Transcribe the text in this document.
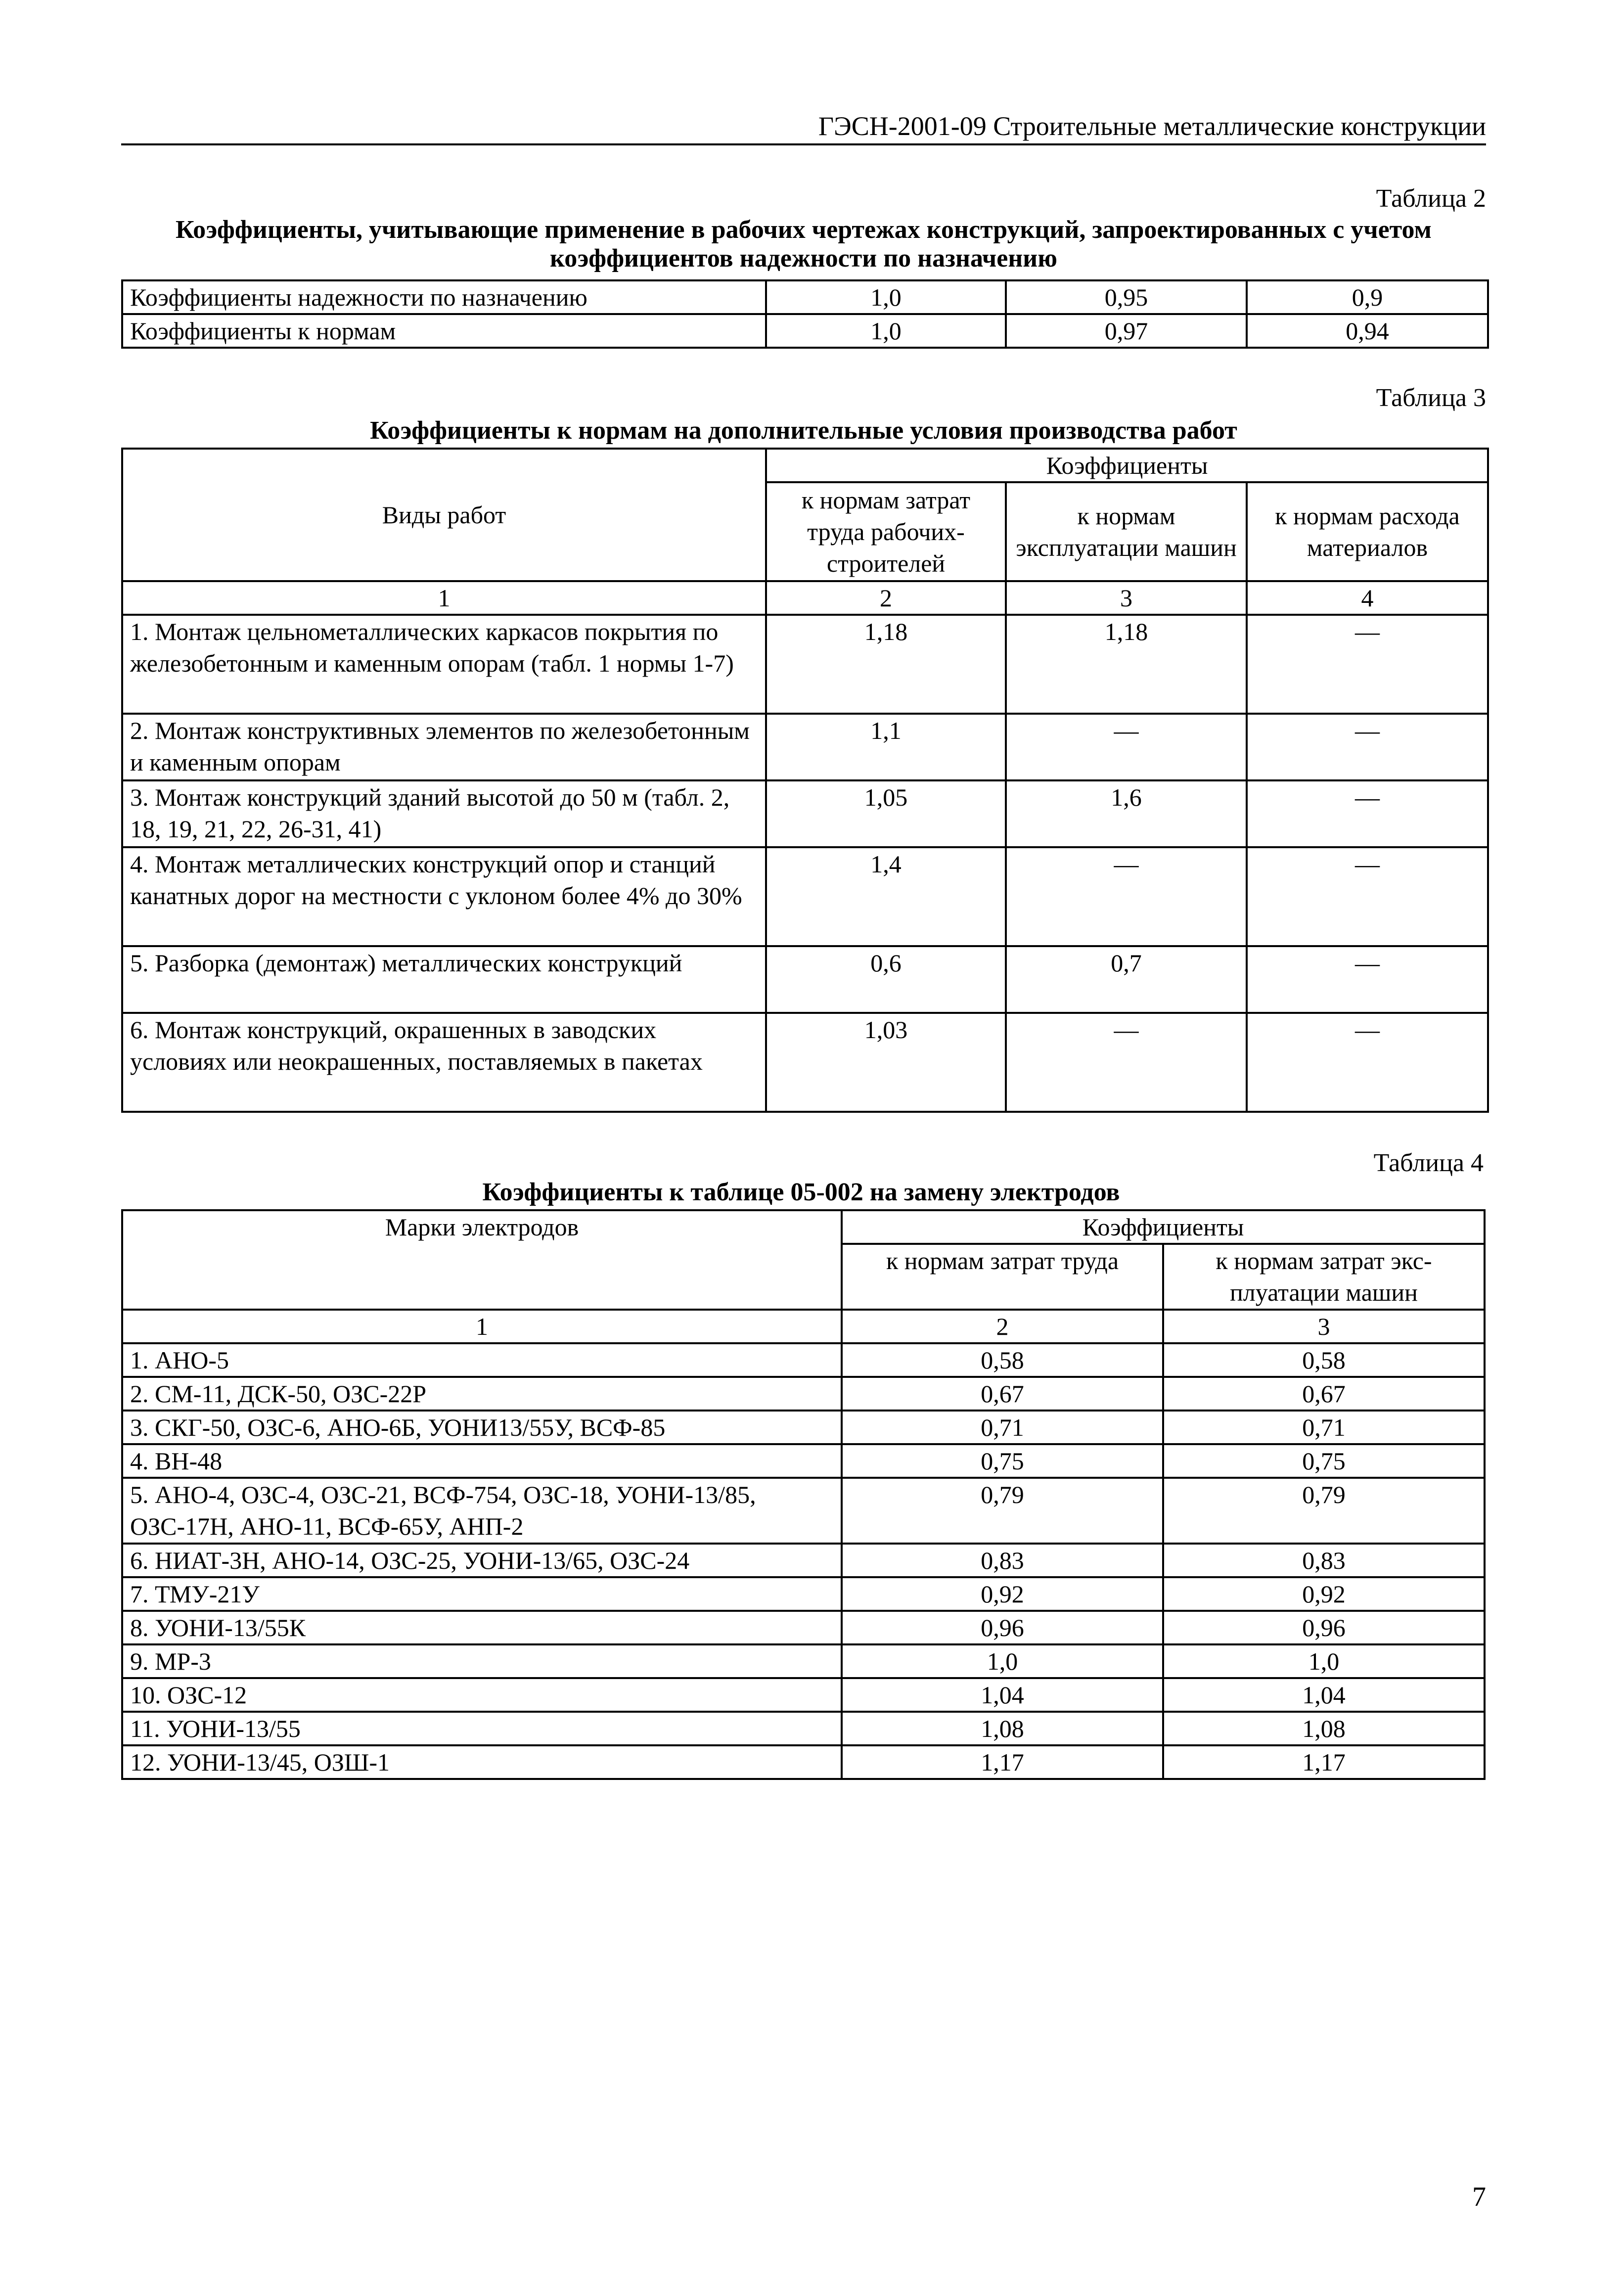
ГЭСН-2001-09 Строительные металлические конструкции
Таблица 2
Коэффициенты, учитывающие применение в рабочих чертежах конструкций, запроектированных с учетом коэффициентов надежности по назначению
Коэффициенты надежности по назначению	1,0	0,95	0,9
Коэффициенты к нормам	1,0	0,97	0,94
Таблица 3
Коэффициенты к нормам на дополнительные условия производства работ
Виды работ	Коэффициенты		
	к нормам затрат труда рабочих-строителей	к нормам эксплуатации машин	к нормам расхода материалов
1	2	3	4
1. Монтаж цельнометаллических каркасов покрытия по железобетонным и каменным опорам (табл. 1 нормы 1-7)	1,18	1,18	—
2. Монтаж конструктивных элементов по железобетонным и каменным опорам	1,1	—	—
3. Монтаж конструкций зданий высотой до 50 м (табл. 2, 18, 19, 21, 22, 26-31, 41)	1,05	1,6	—
4. Монтаж металлических конструкций опор и станций канатных дорог на местности с уклоном более 4% до 30%	1,4	—	—
5. Разборка (демонтаж) металлических конструкций	0,6	0,7	—
6. Монтаж конструкций, окрашенных в заводских условиях или неокрашенных, поставляемых в пакетах	1,03	—	—
Таблица 4
Коэффициенты к таблице 05-002 на замену электродов
Марки электродов	Коэффициенты	
	к нормам затрат труда	к нормам затрат экс-плуатации машин
1	2	3
1. АНО-5	0,58	0,58
2. СМ-11, ДСК-50, ОЗС-22Р	0,67	0,67
3. СКГ-50, ОЗС-6, АНО-6Б, УОНИ13/55У, ВСФ-85	0,71	0,71
4. ВН-48	0,75	0,75
5. АНО-4, ОЗС-4, ОЗС-21, ВСФ-754, ОЗС-18, УОНИ-13/85, ОЗС-17Н, АНО-11, ВСФ-65У, АНП-2	0,79	0,79
6. НИАТ-3Н, АНО-14, ОЗС-25, УОНИ-13/65, ОЗС-24	0,83	0,83
7. ТМУ-21У	0,92	0,92
8. УОНИ-13/55К	0,96	0,96
9. МР-3	1,0	1,0
10. ОЗС-12	1,04	1,04
11. УОНИ-13/55	1,08	1,08
12. УОНИ-13/45, ОЗШ-1	1,17	1,17
7
